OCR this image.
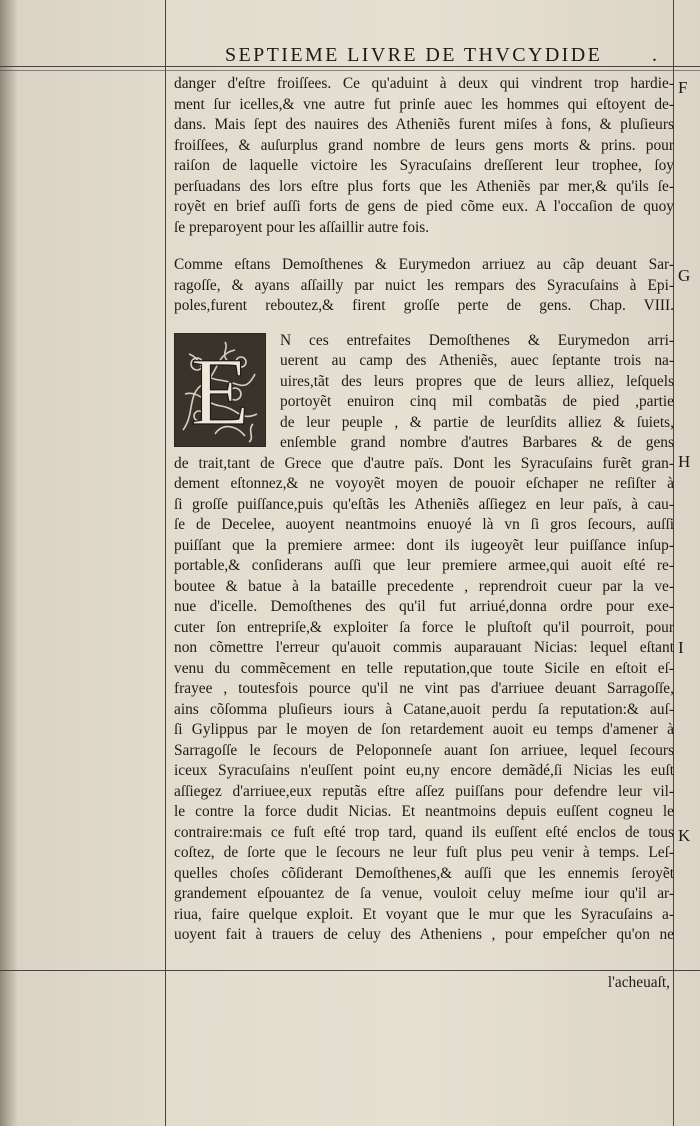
SEPTIEME LIVRE DE THVCYDIDE .
F
G
H
I
K
danger d'eſtre froiſſees. Ce qu'aduint à deux qui vindrent trop hardie-
ment ſur icelles,& vne autre fut prinſe auec les hommes qui eſtoyent de-
dans. Mais ſept des nauires des Atheniẽs furent miſes à fons, & pluſieurs
froiſſees, & auſurplus grand nombre de leurs gens morts & prins. pour
raiſon de laquelle victoire les Syracuſains dreſſerent leur trophee, ſoy
perſuadans des lors eſtre plus forts que les Atheniẽs par mer,& qu'ils ſe-
royẽt en brief auſſi forts de gens de pied cõme eux. A l'occaſion de quoy
ſe preparoyent pour les aſſaillir autre fois.
Comme eſtans Demoſthenes & Eurymedon arriuez au cãp deuant Sar-
ragoſſe, & ayans aſſailly par nuict les rempars des Syracuſains à Epi-
poles,furent reboutez,& firent groſſe perte de gens. Chap. VIII.
E	N ces entrefaites Demoſthenes & Eurymedon arri-
uerent au camp des Atheniẽs, auec ſeptante trois na-
uires,tãt des leurs propres que de leurs alliez, leſquels
portoyẽt enuiron cinq mil combatãs de pied ,partie
de leur peuple , & partie de leurſdits alliez & ſuiets,
enſemble grand nombre d'autres Barbares & de gens
de trait,tant de Grece que d'autre païs. Dont les Syracuſains furẽt gran-
dement eſtonnez,& ne voyoyẽt moyen de pouoir eſchaper ne reſiſter à
ſi groſſe puiſſance,puis qu'eſtãs les Atheniẽs aſſiegez en leur païs, à cau-
ſe de Decelee, auoyent neantmoins enuoyé là vn ſi gros ſecours, auſſi
puiſſant que la premiere armee: dont ils iugeoyẽt leur puiſſance inſup-
portable,& conſiderans auſſi que leur premiere armee,qui auoit eſté re-
boutee & batue à la bataille precedente , reprendroit cueur par la ve-
nue d'icelle. Demoſthenes des qu'il fut arriué,donna ordre pour exe-
cuter ſon entrepriſe,& exploiter ſa force le pluſtoſt qu'il pourroit, pour
non cõmettre l'erreur qu'auoit commis auparauant Nicias: lequel eſtant
venu du commẽcement en telle reputation,que toute Sicile en eſtoit eſ-
frayee , toutesfois pource qu'il ne vint pas d'arriuee deuant Sarragoſſe,
ains cõſomma pluſieurs iours à Catane,auoit perdu ſa reputation:& auſ-
ſi Gylippus par le moyen de ſon retardement auoit eu temps d'amener à
Sarragoſſe le ſecours de Peloponneſe auant ſon arriuee, lequel ſecours
iceux Syracuſains n'euſſent point eu,ny encore demãdé,ſi Nicias les euſt
aſſiegez d'arriuee,eux reputãs eſtre aſſez puiſſans pour defendre leur vil-
le contre la force dudit Nicias. Et neantmoins depuis euſſent cogneu le
contraire:mais ce fuſt eſté trop tard, quand ils euſſent eſté enclos de tous
coſtez, de ſorte que le ſecours ne leur fuſt plus peu venir à temps. Leſ-
quelles choſes cõſiderant Demoſthenes,& auſſi que les ennemis ſeroyẽt
grandement eſpouantez de ſa venue, vouloit celuy meſme iour qu'il ar-
riua, faire quelque exploit. Et voyant que le mur que les Syracuſains a-
uoyent fait à trauers de celuy des Atheniens , pour empeſcher qu'on ne
l'acheuaſt,
